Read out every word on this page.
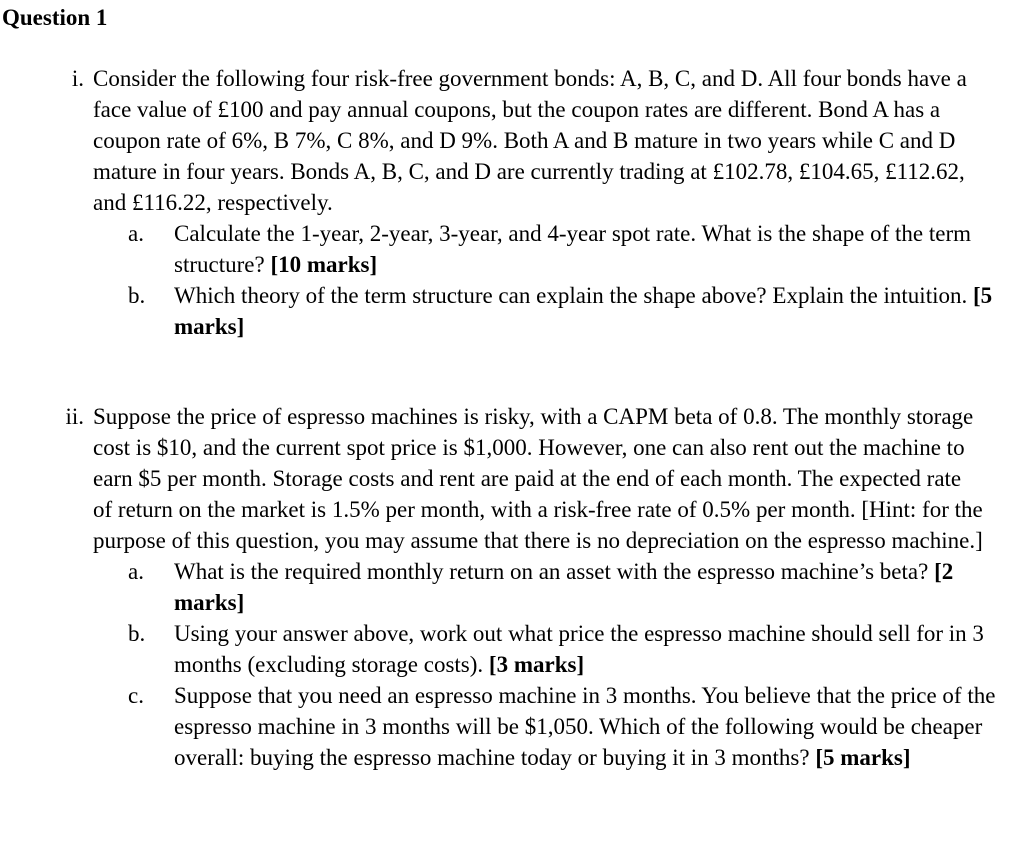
Question 1
i. Consider the following four risk-free government bonds: A, B, C, and D. All four bonds have a face value of £100 and pay annual coupons, but the coupon rates are different. Bond A has a coupon rate of 6%, B 7%, C 8%, and D 9%. Both A and B mature in two years while C and D mature in four years. Bonds A, B, C, and D are currently trading at £102.78, £104.65, £112.62, and £116.22, respectively.
a.	Calculate the 1-year, 2-year, 3-year, and 4-year spot rate. What is the shape of the term structure? [10 marks]
b.	Which theory of the term structure can explain the shape above? Explain the intuition. [5 marks]
ii. Suppose the price of espresso machines is risky, with a CAPM beta of 0.8. The monthly storage cost is $10, and the current spot price is $1,000. However, one can also rent out the machine to earn $5 per month. Storage costs and rent are paid at the end of each month. The expected rate of return on the market is 1.5% per month, with a risk-free rate of 0.5% per month. [Hint: for the purpose of this question, you may assume that there is no depreciation on the espresso machine.]
a.	What is the required monthly return on an asset with the espresso machine’s beta? [2 marks]
b.	Using your answer above, work out what price the espresso machine should sell for in 3 months (excluding storage costs). [3 marks]
c.	Suppose that you need an espresso machine in 3 months. You believe that the price of the espresso machine in 3 months will be $1,050. Which of the following would be cheaper overall: buying the espresso machine today or buying it in 3 months? [5 marks]
